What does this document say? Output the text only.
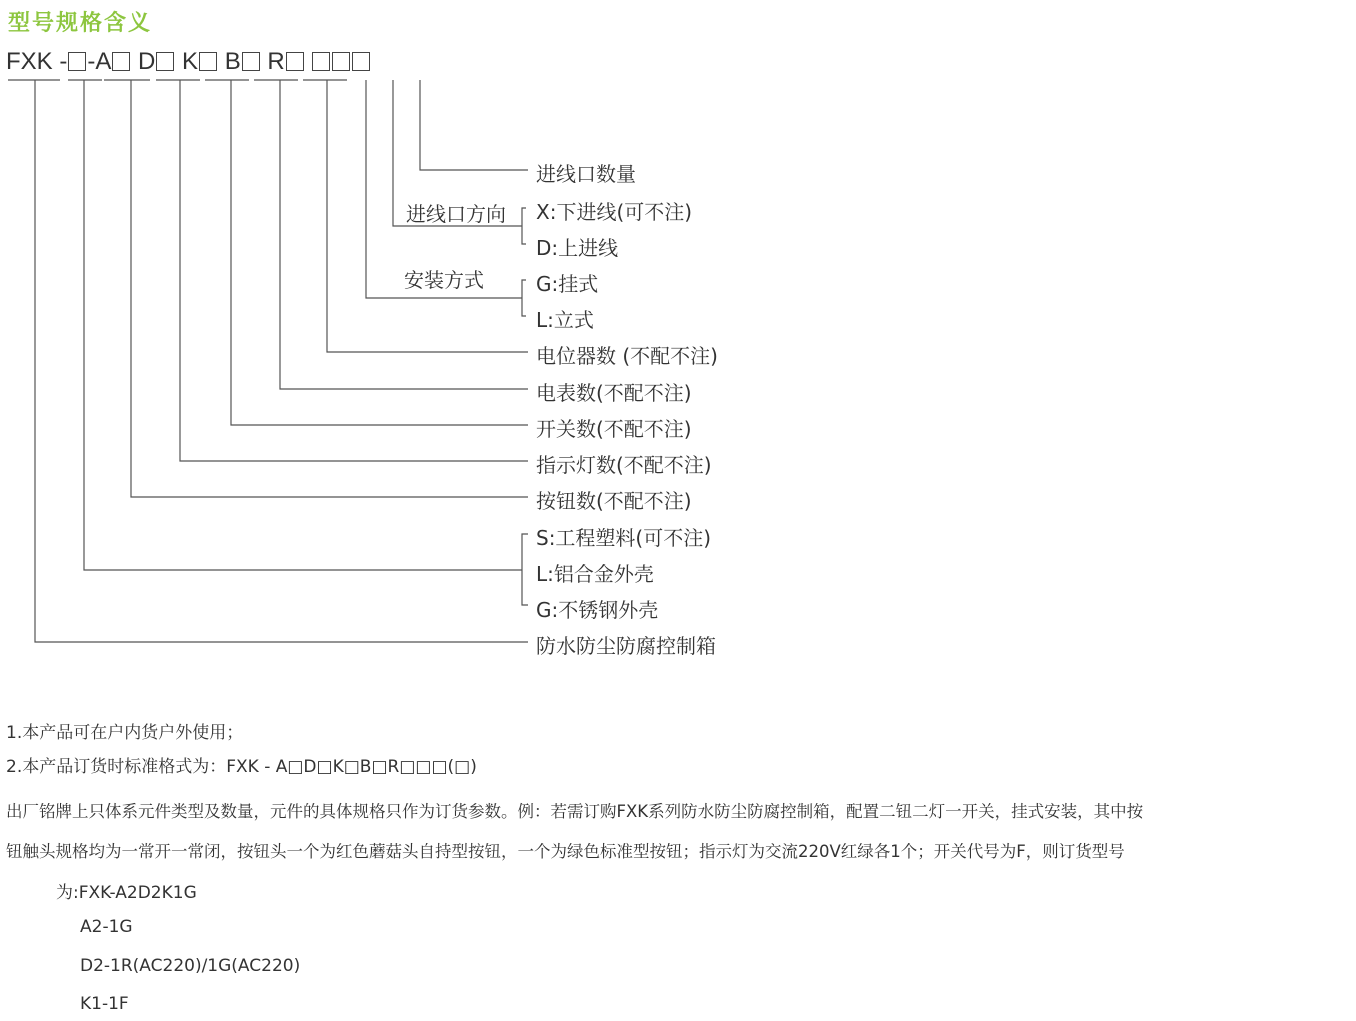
型号规格含义
FXK - -A D K B R
进线口数量
进线口方向 X:下进线(可不注)
D:上进线
安装方式	G:挂式
L:立式
电位器数 (不配不注)
电表数(不配不注)
开关数(不配不注)
指示灯数(不配不注)
按钮数(不配不注)
S:工程塑料(可不注)
L:铝合金外壳
G:不锈钢外壳
防水防尘防腐控制箱
1.本产品可在户内货户外使用；
2.本产品订货时标准格式为：FXK - A□D□K□B□R□□□(□)
出厂铭牌上只体系元件类型及数量，元件的具体规格只作为订货参数。例：若需订购FXK系列防水防尘防腐控制箱，配置二钮二灯一开关，挂式安装，其中按
钮触头规格均为一常开一常闭，按钮头一个为红色蘑菇头自持型按钮，一个为绿色标准型按钮；指示灯为交流220V红绿各1个；开关代号为F，则订货型号
为:FXK-A2D2K1G
A2-1G
D2-1R(AC220)/1G(AC220)
K1-1F
